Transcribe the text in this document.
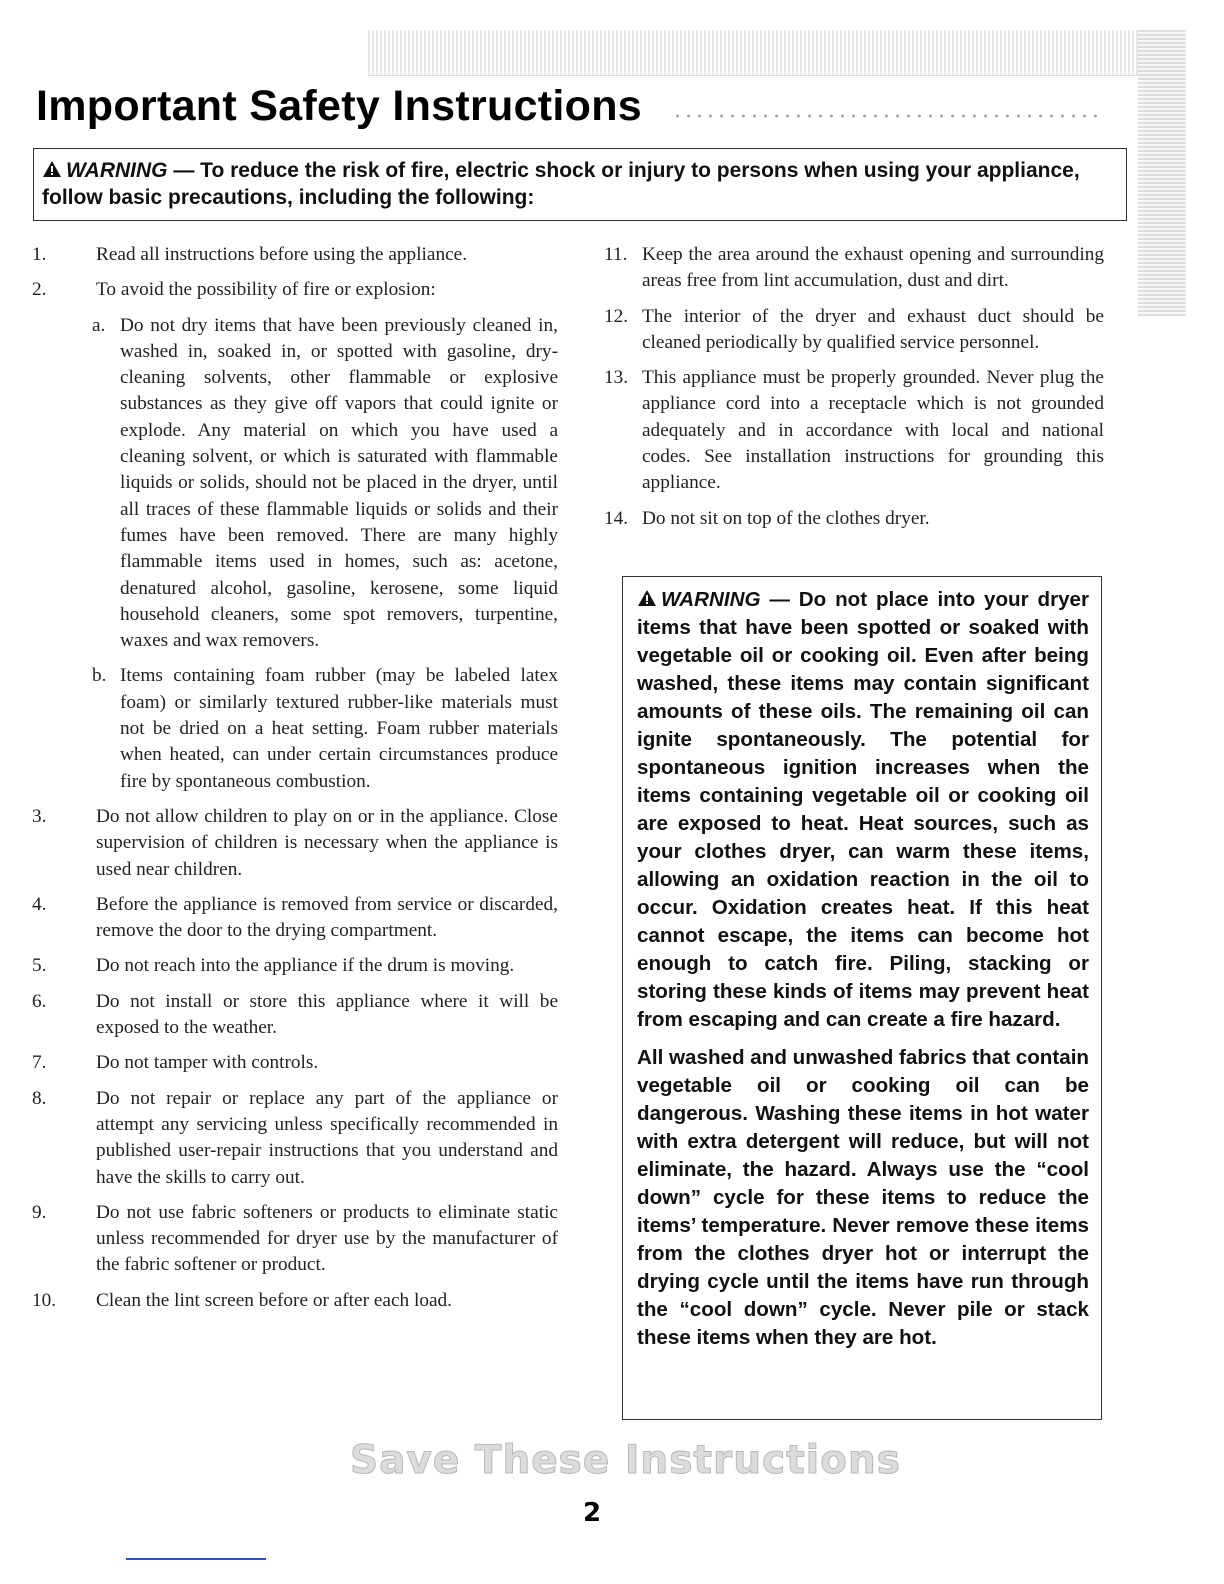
Important Safety Instructions
WARNING — To reduce the risk of fire, electric shock or injury to persons when using your appliance, follow basic precautions, including the following:
1.	Read all instructions before using the appliance.
2.	To avoid the possibility of fire or explosion:
a. Do not dry items that have been previously cleaned in, washed in, soaked in, or spotted with gasoline, dry-cleaning solvents, other flammable or explosive substances as they give off vapors that could ignite or explode. Any material on which you have used a cleaning solvent, or which is saturated with flammable liquids or solids, should not be placed in the dryer, until all traces of these flammable liquids or solids and their fumes have been removed. There are many highly flammable items used in homes, such as: acetone, denatured alcohol, gasoline, kerosene, some liquid household cleaners, some spot removers, turpentine, waxes and wax removers.
b. Items containing foam rubber (may be labeled latex foam) or similarly textured rubber-like materials must not be dried on a heat setting. Foam rubber materials when heated, can under certain circumstances produce fire by spontaneous combustion.
3.	Do not allow children to play on or in the appliance. Close supervision of children is necessary when the appliance is used near children.
4.	Before the appliance is removed from service or discarded, remove the door to the drying compartment.
5.	Do not reach into the appliance if the drum is moving.
6.	Do not install or store this appliance where it will be exposed to the weather.
7.	Do not tamper with controls.
8.	Do not repair or replace any part of the appliance or attempt any servicing unless specifically recommended in published user-repair instructions that you understand and have the skills to carry out.
9.	Do not use fabric softeners or products to eliminate static unless recommended for dryer use by the manufacturer of the fabric softener or product.
10.	Clean the lint screen before or after each load.
11. Keep the area around the exhaust opening and surrounding areas free from lint accumulation, dust and dirt.
12. The interior of the dryer and exhaust duct should be cleaned periodically by qualified service personnel.
13. This appliance must be properly grounded. Never plug the appliance cord into a receptacle which is not grounded adequately and in accordance with local and national codes. See installation instructions for grounding this appliance.
14. Do not sit on top of the clothes dryer.

WARNING — Do not place into your dryer items that have been spotted or soaked with vegetable oil or cooking oil. Even after being washed, these items may contain significant amounts of these oils. The remaining oil can ignite spontaneously. The potential for spontaneous ignition increases when the items containing vegetable oil or cooking oil are exposed to heat. Heat sources, such as your clothes dryer, can warm these items, allowing an oxidation reaction in the oil to occur. Oxidation creates heat. If this heat cannot escape, the items can become hot enough to catch fire. Piling, stacking or storing these kinds of items may prevent heat from escaping and can create a fire hazard.

All washed and unwashed fabrics that contain vegetable oil or cooking oil can be dangerous. Washing these items in hot water with extra detergent will reduce, but will not eliminate, the hazard. Always use the “cool down” cycle for these items to reduce the items’ temperature. Never remove these items from the clothes dryer hot or interrupt the drying cycle until the items have run through the “cool down” cycle. Never pile or stack these items when they are hot.

Save These Instructions
2
